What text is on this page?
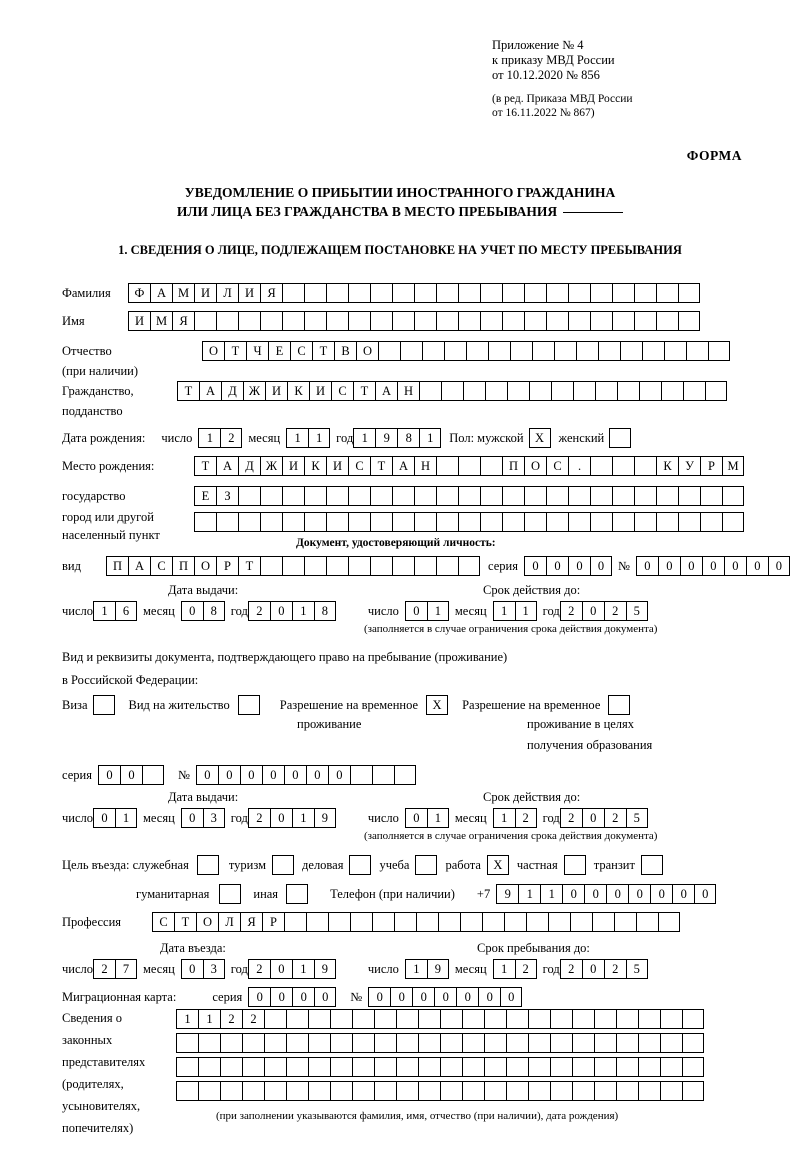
Приложение № 4
к приказу МВД России
от 10.12.2020 № 856
(в ред. Приказа МВД России
от 16.11.2022 № 867)
ФОРМА
УВЕДОМЛЕНИЕ О ПРИБЫТИИ ИНОСТРАННОГО ГРАЖДАНИНА
ИЛИ ЛИЦА БЕЗ ГРАЖДАНСТВА В МЕСТО ПРЕБЫВАНИЯ
1. СВЕДЕНИЯ О ЛИЦЕ, ПОДЛЕЖАЩЕМ ПОСТАНОВКЕ НА УЧЕТ ПО МЕСТУ ПРЕБЫВАНИЯ
Фамилия	Ф	А М И	Л	И	Я
Имя	И М Я
Отчество	О	Т	Ч	Е	С	Т	В	О
(при наличии)
Гражданство,	Т	А	Д Ж И	К	И	С	Т	А	Н
подданство
Дата рождения: число	1	2	месяц	1	1	год 1	9	8	1	Пол: мужской X	женский
Место рождения:	Т	А	Д Ж И	К	И	С	Т	А	Н	П	О	С	.	К	У	Р М
государство	Е	З
город или другой
населенный пункт
Документ, удостоверяющий личность:
вид	П	А	С	П	О	Р	Т	серия	0	0	0	0	№	0	0	0	0	0	0	0
Дата выдачи:	Срок действия до:
число 1	6	месяц	0	8	год 2	0	1	8	число	0	1	месяц	1	1	год 2	0	2	5
(заполняется в случае ограничения срока действия документа)
Вид и реквизиты документа, подтверждающего право на пребывание (проживание)
в Российской Федерации:
Виза	Вид на жительство	Разрешение на временное	X	Разрешение на временное
проживание	проживание в целях
получения образования
серия	0	0	№	0	0	0	0	0	0	0
Дата выдачи:	Срок действия до:
число 0	1	месяц	0	3	год 2	0	1	9	число	0	1	месяц	1	2	год 2	0	2	5
(заполняется в случае ограничения срока действия документа)
Цель въезда: служебная	туризм	деловая	учеба	работа X	частная	транзит
гуманитарная	иная	Телефон (при наличии) +7	9	1	1	0	0	0	0	0	0	0
Профессия	С	Т	О	Л	Я	Р
Дата въезда:	Срок пребывания до:
число 2	7	месяц	0	3	год 2	0	1	9	число	1	9	месяц	1	2	год 2	0	2	5
Миграционная карта:	серия	0	0	0	0	№	0	0	0	0	0	0	0
Сведения о
законных
представителях
(родителях,
усыновителях,
попечителях)
1	1	2	2
(при заполнении указываются фамилия, имя, отчество (при наличии), дата рождения)
